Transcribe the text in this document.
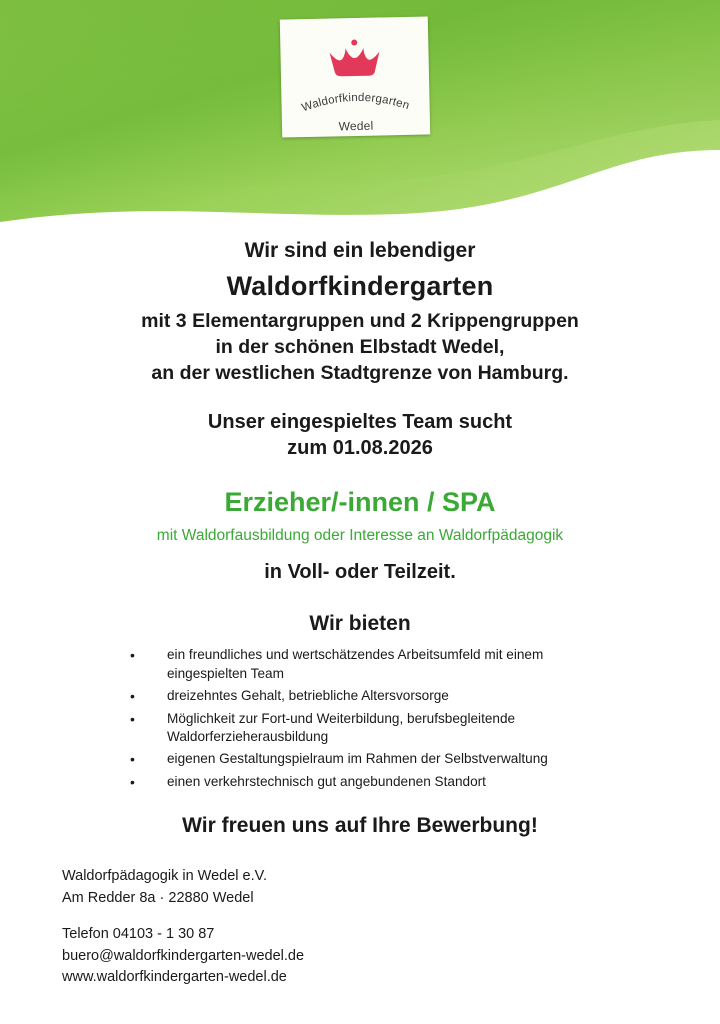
Waldorfkindergarten
Wedel

Wir sind ein lebendiger

Waldorfkindergarten

mit 3 Elementargruppen und 2 Krippengruppen

in der schönen Elbstadt Wedel,

an der westlichen Stadtgrenze von Hamburg.

Unser eingespieltes Team sucht

zum 01.08.2026

Erzieher/-innen / SPA

mit Waldorfausbildung oder Interesse an Waldorfpädagogik

in Voll- oder Teilzeit.

Wir bieten

• ein freundliches und wertschätzendes Arbeitsumfeld mit einem eingespielten Team
• dreizehntes Gehalt, betriebliche Altersvorsorge
• Möglichkeit zur Fort-und Weiterbildung, berufsbegleitende Waldorferzieherausbildung
• eigenen Gestaltungspielraum im Rahmen der Selbstverwaltung
• einen verkehrstechnisch gut angebundenen Standort

Wir freuen uns auf Ihre Bewerbung!

Waldorfpädagogik in Wedel e.V.

Am Redder 8a · 22880 Wedel

Telefon 04103 - 1 30 87

buero@waldorfkindergarten-wedel.de

www.waldorfkindergarten-wedel.de
